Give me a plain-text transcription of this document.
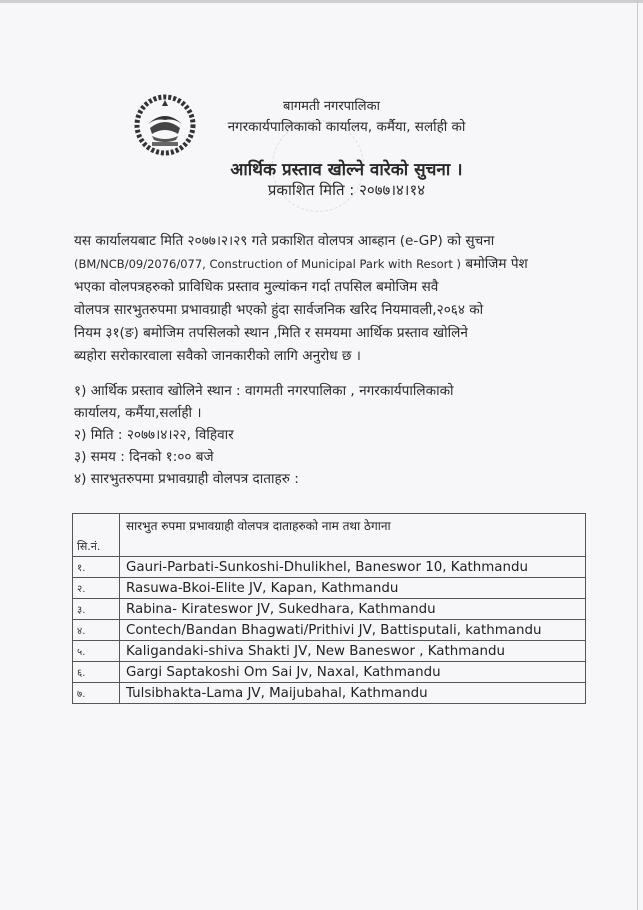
बागमती नगरपालिका
नगरकार्यपालिकाको कार्यालय, कर्मैया, सर्लाही को
आर्थिक प्रस्ताव खोल्ने वारेको सुचना ।
प्रकाशित मिति : २०७७।४।१४
यस कार्यालयबाट मिति २०७७।२।२९ गते प्रकाशित वोलपत्र आब्हान (e-GP) को सुचना
(BM/NCB/09/2076/077, Construction of Municipal Park with Resort ) बमोजिम पेश
भएका वोलपत्रहरुको प्राविधिक प्रस्ताव मुल्यांकन गर्दा तपसिल बमोजिम सवै
वोलपत्र सारभुतरुपमा प्रभावग्राही भएको हुंदा सार्वजनिक खरिद नियमावली,२०६४ को
नियम ३१(ङ) बमोजिम तपसिलको स्थान ,मिति र समयमा आर्थिक प्रस्ताव खोलिने
ब्यहोरा सरोकारवाला सवैको जानकारीको लागि अनुरोध छ ।
१) आर्थिक प्रस्ताव खोलिने स्थान : वागमती नगरपालिका , नगरकार्यपालिकाको
कार्यालय, कर्मैया,सर्लाही ।
२) मिति : २०७७।४।२२, विहिवार
३) समय : दिनको १:०० बजे
४) सारभुतरुपमा प्रभावग्राही वोलपत्र दाताहरु :
सि.नं.	सारभुत रुपमा प्रभावग्राही वोलपत्र दाताहरुको नाम तथा ठेगाना
१.	Gauri-Parbati-Sunkoshi-Dhulikhel, Baneswor 10, Kathmandu
२.	Rasuwa-Bkoi-Elite JV, Kapan, Kathmandu
३.	Rabina- Kirateswor JV, Sukedhara, Kathmandu
४.	Contech/Bandan Bhagwati/Prithivi JV, Battisputali, kathmandu
५.	Kaligandaki-shiva Shakti JV, New Baneswor , Kathmandu
६.	Gargi Saptakoshi Om Sai Jv, Naxal, Kathmandu
७.	Tulsibhakta-Lama JV, Maijubahal, Kathmandu
